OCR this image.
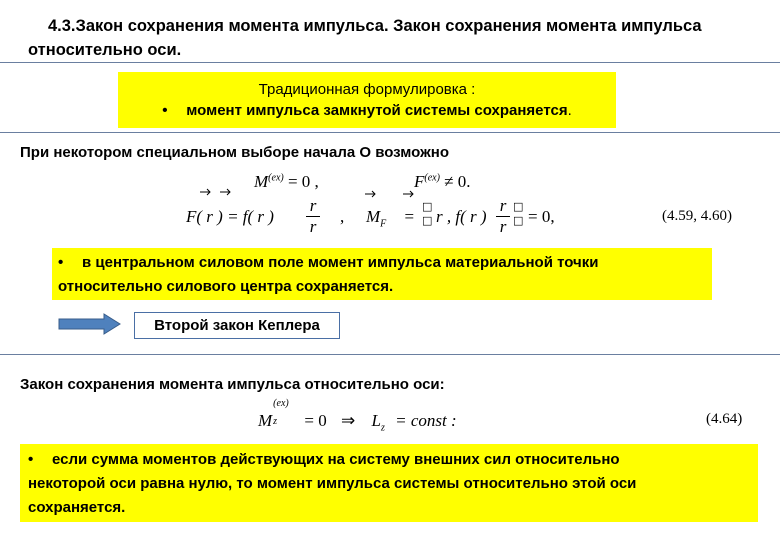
4.3.Закон сохранения момента импульса. Закон сохранения момента импульса
относительно оси.
Традиционная формулировка :
• момент импульса замкнутой системы сохраняется.
При некотором специальном выборе начала О возможно
$M^{(ex)} = 0$ ,	$F^{(ex)} \ne 0$.
F( r ) = f( r ) $\frac{r}{r}$ , $M_F$ =
□
□ r , f( r ) $\frac{r}{r}$ □
□ = 0,	(4.59, 4.60)
• в центральном силовом поле момент импульса материальной точки
относительно силового центра сохраняется.
Второй закон Кеплера
Закон сохранения момента импульса относительно оси:
M
(ex)
z = 0 ⇒ $L_z$ = const :	(4.64)
• если сумма моментов действующих на систему внешних сил относительно
некоторой оси равна нулю, то момент импульса системы относительно этой оси
сохраняется.
